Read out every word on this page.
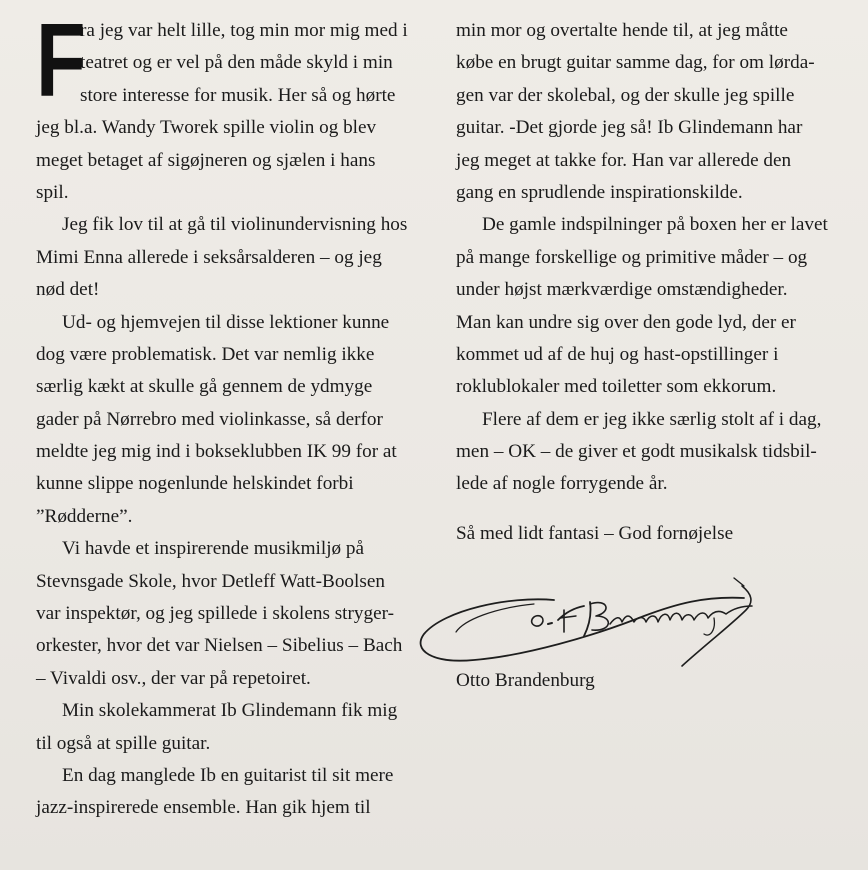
F
ra jeg var helt lille, tog min mor mig med i
teatret og er vel på den måde skyld i min
store interesse for musik. Her så og hørte
jeg bl.a. Wandy Tworek spille violin og blev
meget betaget af sigøjneren og sjælen i hans
spil.
Jeg fik lov til at gå til violinundervisning hos
Mimi Enna allerede i seksårsalderen – og jeg
nød det!
Ud- og hjemvejen til disse lektioner kunne
dog være problematisk. Det var nemlig ikke
særlig kækt at skulle gå gennem de ydmyge
gader på Nørrebro med violinkasse, så derfor
meldte jeg mig ind i bokseklubben IK 99 for at
kunne slippe nogenlunde helskindet forbi
”Rødderne”.
Vi havde et inspirerende musikmiljø på
Stevnsgade Skole, hvor Detleff Watt-Boolsen
var inspektør, og jeg spillede i skolens stryger-
orkester, hvor det var Nielsen – Sibelius – Bach
– Vivaldi osv., der var på repetoiret.
Min skolekammerat Ib Glindemann fik mig
til også at spille guitar.
En dag manglede Ib en guitarist til sit mere
jazz-inspirerede ensemble. Han gik hjem til
min mor og overtalte hende til, at jeg måtte
købe en brugt guitar samme dag, for om lørda-
gen var der skolebal, og der skulle jeg spille
guitar. -Det gjorde jeg så! Ib Glindemann har
jeg meget at takke for. Han var allerede den
gang en sprudlende inspirationskilde.
De gamle indspilninger på boxen her er lavet
på mange forskellige og primitive måder – og
under højst mærkværdige omstændigheder.
Man kan undre sig over den gode lyd, der er
kommet ud af de huj og hast-opstillinger i
roklublokaler med toiletter som ekkorum.
Flere af dem er jeg ikke særlig stolt af i dag,
men – OK – de giver et godt musikalsk tidsbil-
lede af nogle forrygende år.
Så med lidt fantasi – God fornøjelse
Otto Brandenburg
